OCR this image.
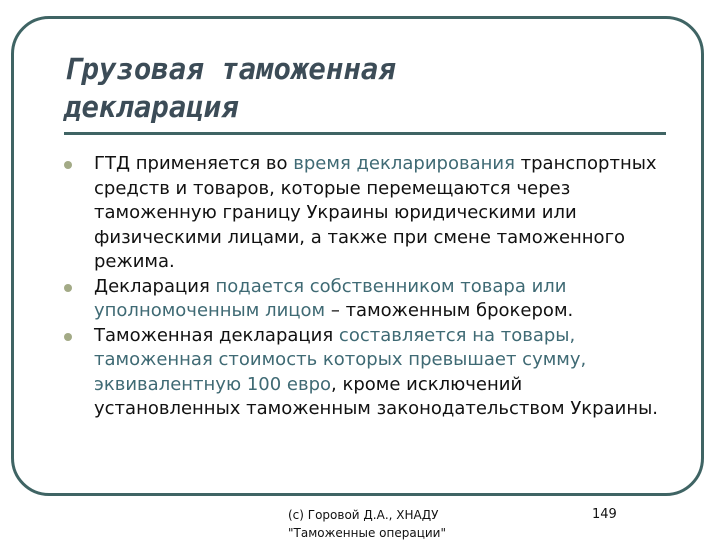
Грузовая таможенная
декларация
ГТД применяется во время декларирования транспортных средств и товаров, которые перемещаются через таможенную границу Украины юридическими или физическими лицами, а также при смене таможенного режима.
Декларация подается собственником товара или уполномоченным лицом – таможенным брокером.
Таможенная декларация составляется на товары, таможенная стоимость которых превышает сумму, эквивалентную 100 евро, кроме исключений установленных таможенным законодательством Украины.
(с) Горовой Д.А., ХНАДУ
"Таможенные операции"
149
